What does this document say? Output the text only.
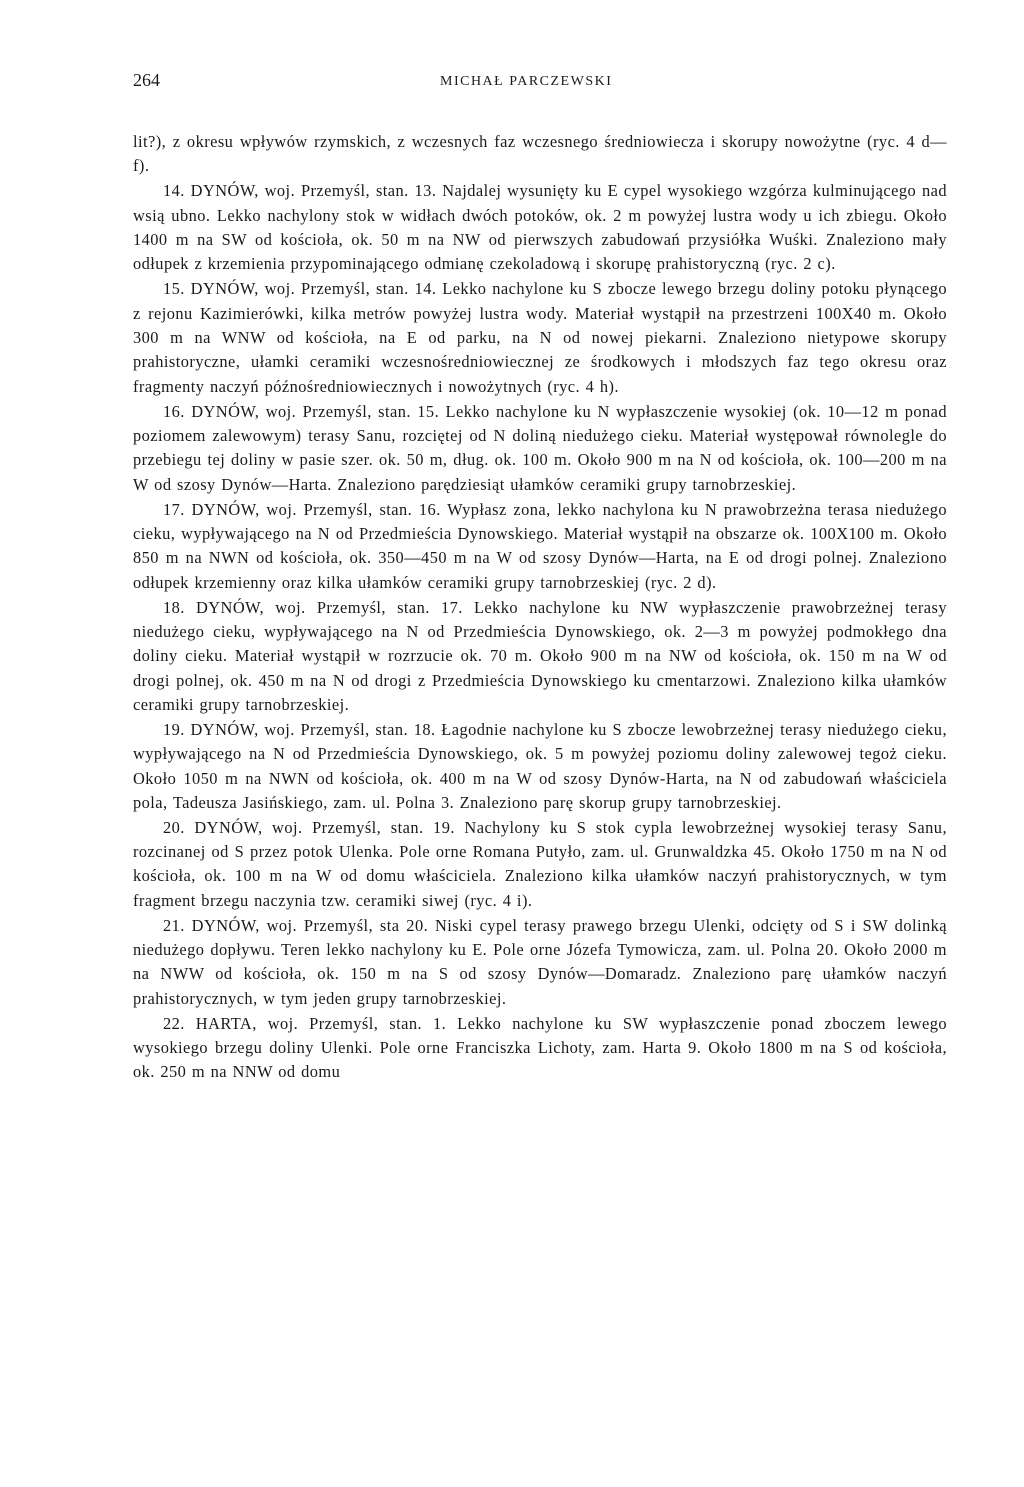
264	MICHAŁ PARCZEWSKI

lit?), z okresu wpływów rzymskich, z wczesnych faz wczesnego średniowiecza i skorupy nowożytne (ryc. 4 d—f).

14. DYNÓW, woj. Przemyśl, stan. 13. Najdalej wysunięty ku E cypel wysokiego wzgórza kulminującego nad wsią ubno. Lekko nachylony stok w widłach dwóch potoków, ok. 2 m powyżej lustra wody u ich zbiegu. Około 1400 m na SW od kościoła, ok. 50 m na NW od pierwszych zabudowań przysiółka Wuśki. Znaleziono mały odłupek z krzemienia przypominającego odmianę czekoladową i skorupę prahistoryczną (ryc. 2 c).

15. DYNÓW, woj. Przemyśl, stan. 14. Lekko nachylone ku S zbocze lewego brzegu doliny potoku płynącego z rejonu Kazimierówki, kilka metrów powyżej lustra wody. Materiał wystąpił na przestrzeni 100X40 m. Około 300 m na WNW od kościoła, na E od parku, na N od nowej piekarni. Znaleziono nietypowe skorupy prahistoryczne, ułamki ceramiki wczesnośredniowiecznej ze środkowych i młodszych faz tego okresu oraz fragmenty naczyń późnośredniowiecznych i nowożytnych (ryc. 4 h).

16. DYNÓW, woj. Przemyśl, stan. 15. Lekko nachylone ku N wypłaszczenie wysokiej (ok. 10—12 m ponad poziomem zalewowym) terasy Sanu, rozciętej od N doliną niedużego cieku. Materiał występował równolegle do przebiegu tej doliny w pasie szer. ok. 50 m, dług. ok. 100 m. Około 900 m na N od kościoła, ok. 100—200 m na W od szosy Dynów—Harta. Znaleziono parędziesiąt ułamków ceramiki grupy tarnobrzeskiej.

17. DYNÓW, woj. Przemyśl, stan. 16. Wypłasz zona, lekko nachylona ku N prawobrzeżna terasa niedużego cieku, wypływającego na N od Przedmieścia Dynowskiego. Materiał wystąpił na obszarze ok. 100X100 m. Około 850 m na NWN od kościoła, ok. 350—450 m na W od szosy Dynów—Harta, na E od drogi polnej. Znaleziono odłupek krzemienny oraz kilka ułamków ceramiki grupy tarnobrzeskiej (ryc. 2 d).

18. DYNÓW, woj. Przemyśl, stan. 17. Lekko nachylone ku NW wypłaszczenie prawobrzeżnej terasy niedużego cieku, wypływającego na N od Przedmieścia Dynowskiego, ok. 2—3 m powyżej podmokłego dna doliny cieku. Materiał wystąpił w rozrzucie ok. 70 m. Około 900 m na NW od kościoła, ok. 150 m na W od drogi polnej, ok. 450 m na N od drogi z Przedmieścia Dynowskiego ku cmentarzowi. Znaleziono kilka ułamków ceramiki grupy tarnobrzeskiej.

19. DYNÓW, woj. Przemyśl, stan. 18. Łagodnie nachylone ku S zbocze lewobrzeżnej terasy niedużego cieku, wypływającego na N od Przedmieścia Dynowskiego, ok. 5 m powyżej poziomu doliny zalewowej tegoż cieku. Około 1050 m na NWN od kościoła, ok. 400 m na W od szosy Dynów-Harta, na N od zabudowań właściciela pola, Tadeusza Jasińskiego, zam. ul. Polna 3. Znaleziono parę skorup grupy tarnobrzeskiej.

20. DYNÓW, woj. Przemyśl, stan. 19. Nachylony ku S stok cypla lewobrzeżnej wysokiej terasy Sanu, rozcinanej od S przez potok Ulenka. Pole orne Romana Putyło, zam. ul. Grunwaldzka 45. Około 1750 m na N od kościoła, ok. 100 m na W od domu właściciela. Znaleziono kilka ułamków naczyń prahistorycznych, w tym fragment brzegu naczynia tzw. ceramiki siwej (ryc. 4 i).

21. DYNÓW, woj. Przemyśl, sta 20. Niski cypel terasy prawego brzegu Ulenki, odcięty od S i SW dolinką niedużego dopływu. Teren lekko nachylony ku E. Pole orne Józefa Tymowicza, zam. ul. Polna 20. Około 2000 m na NWW od kościoła, ok. 150 m na S od szosy Dynów—Domaradz. Znaleziono parę ułamków naczyń prahistorycznych, w tym jeden grupy tarnobrzeskiej.

22. HARTA, woj. Przemyśl, stan. 1. Lekko nachylone ku SW wypłaszczenie ponad zboczem lewego wysokiego brzegu doliny Ulenki. Pole orne Franciszka Lichoty, zam. Harta 9. Około 1800 m na S od kościoła, ok. 250 m na NNW od domu
